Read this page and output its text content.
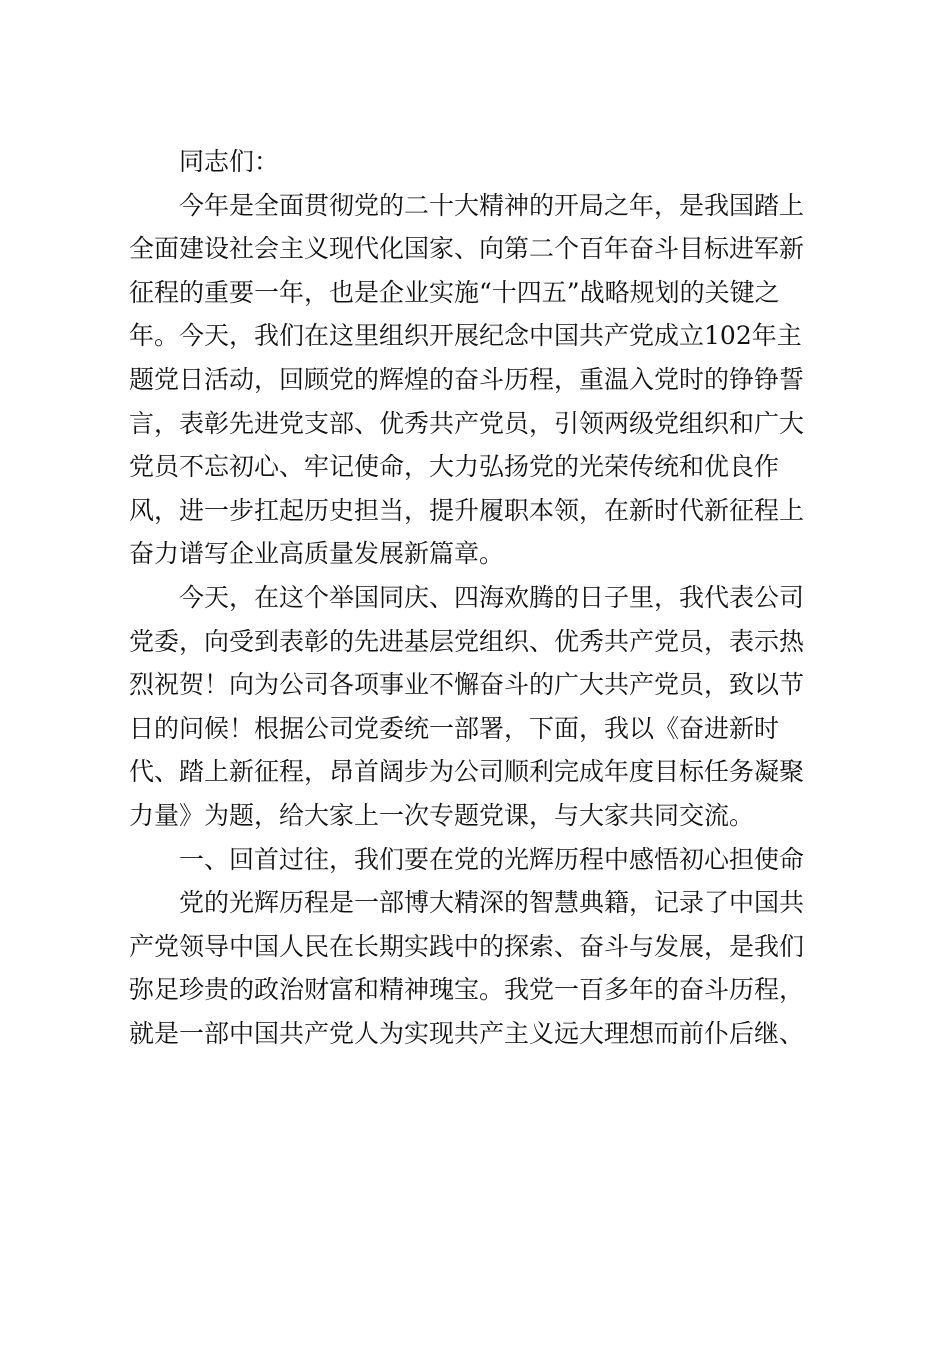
同志们：

今年是全面贯彻党的二十大精神的开局之年，是我国踏上
全面建设社会主义现代化国家、向第二个百年奋斗目标进军新
征程的重要一年，也是企业实施“十四五”战略规划的关键之
年。今天，我们在这里组织开展纪念中国共产党成立102年主
题党日活动，回顾党的辉煌的奋斗历程，重温入党时的铮铮誓
言，表彰先进党支部、优秀共产党员，引领两级党组织和广大
党员不忘初心、牢记使命，大力弘扬党的光荣传统和优良作
风，进一步扛起历史担当，提升履职本领，在新时代新征程上
奋力谱写企业高质量发展新篇章。

今天，在这个举国同庆、四海欢腾的日子里，我代表公司
党委，向受到表彰的先进基层党组织、优秀共产党员，表示热
烈祝贺！向为公司各项事业不懈奋斗的广大共产党员，致以节
日的问候！根据公司党委统一部署，下面，我以《奋进新时
代、踏上新征程，昂首阔步为公司顺利完成年度目标任务凝聚
力量》为题，给大家上一次专题党课，与大家共同交流。

一、回首过往，我们要在党的光辉历程中感悟初心担使命

党的光辉历程是一部博大精深的智慧典籍，记录了中国共
产党领导中国人民在长期实践中的探索、奋斗与发展，是我们
弥足珍贵的政治财富和精神瑰宝。我党一百多年的奋斗历程，
就是一部中国共产党人为实现共产主义远大理想而前仆后继、
